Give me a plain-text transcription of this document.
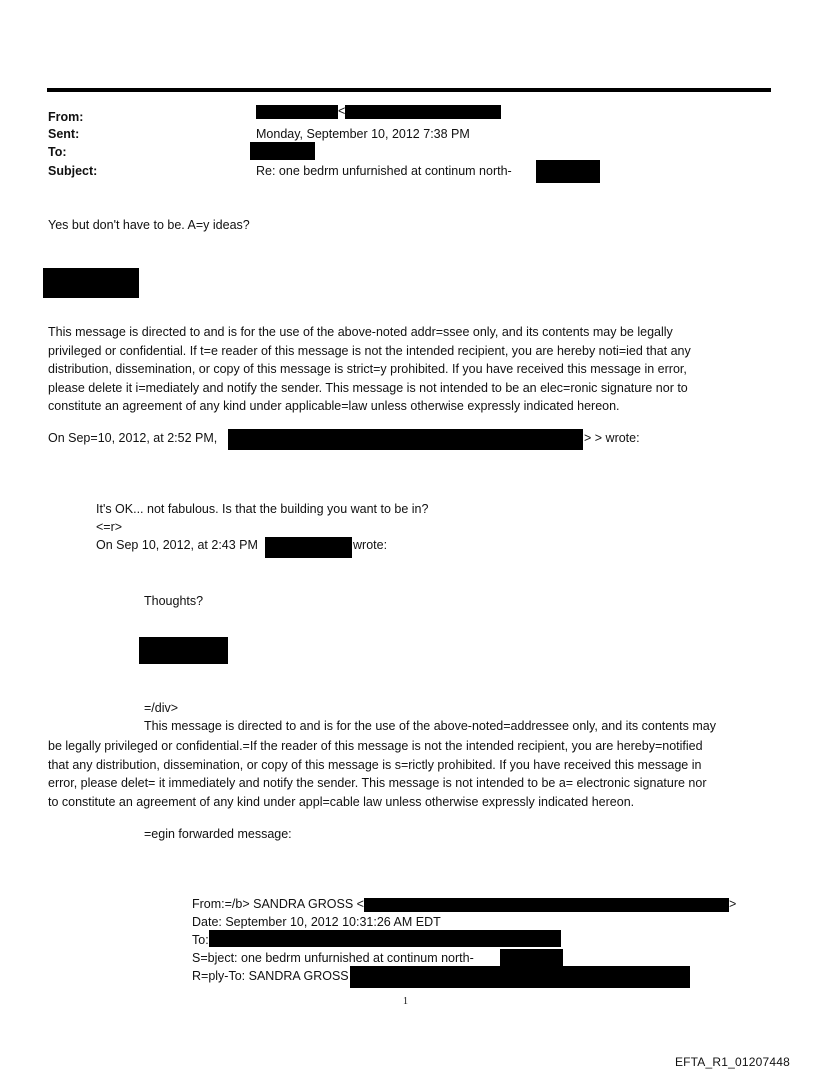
From:	<
Sent:	Monday, September 10, 2012 7:38 PM
To:
Subject:	Re: one bedrm unfurnished at continum north-
Yes but don't have to be. A=y ideas?
This message is directed to and is for the use of the above-noted addr=ssee only, and its contents may be legally
privileged or confidential. If t=e reader of this message is not the intended recipient, you are hereby noti=ied that any
distribution, dissemination, or copy of this message is strict=y prohibited. If you have received this message in error,
please delete it i=mediately and notify the sender. This message is not intended to be an elec=ronic signature nor to
constitute an agreement of any kind under applicable=law unless otherwise expressly indicated hereon.
On Sep=10, 2012, at 2:52 PM,	> > wrote:
It's OK... not fabulous. Is that the building you want to be in?
<=r>
On Sep 10, 2012, at 2:43 PM	wrote:
Thoughts?
=/div>
This message is directed to and is for the use of the above-noted=addressee only, and its contents may
be legally privileged or confidential.=If the reader of this message is not the intended recipient, you are hereby=notified
that any distribution, dissemination, or copy of this message is s=rictly prohibited. If you have received this message in
error, please delet= it immediately and notify the sender. This message is not intended to be a= electronic signature nor
to constitute an agreement of any kind under appl=cable law unless otherwise expressly indicated hereon.
=egin forwarded message:
From:=/b> SANDRA GROSS <	>
Date: September 10, 2012 10:31:26 AM EDT
To:
S=bject: one bedrm unfurnished at continum north-
R=ply-To: SANDRA GROSS
1
EFTA_R1_01207448
